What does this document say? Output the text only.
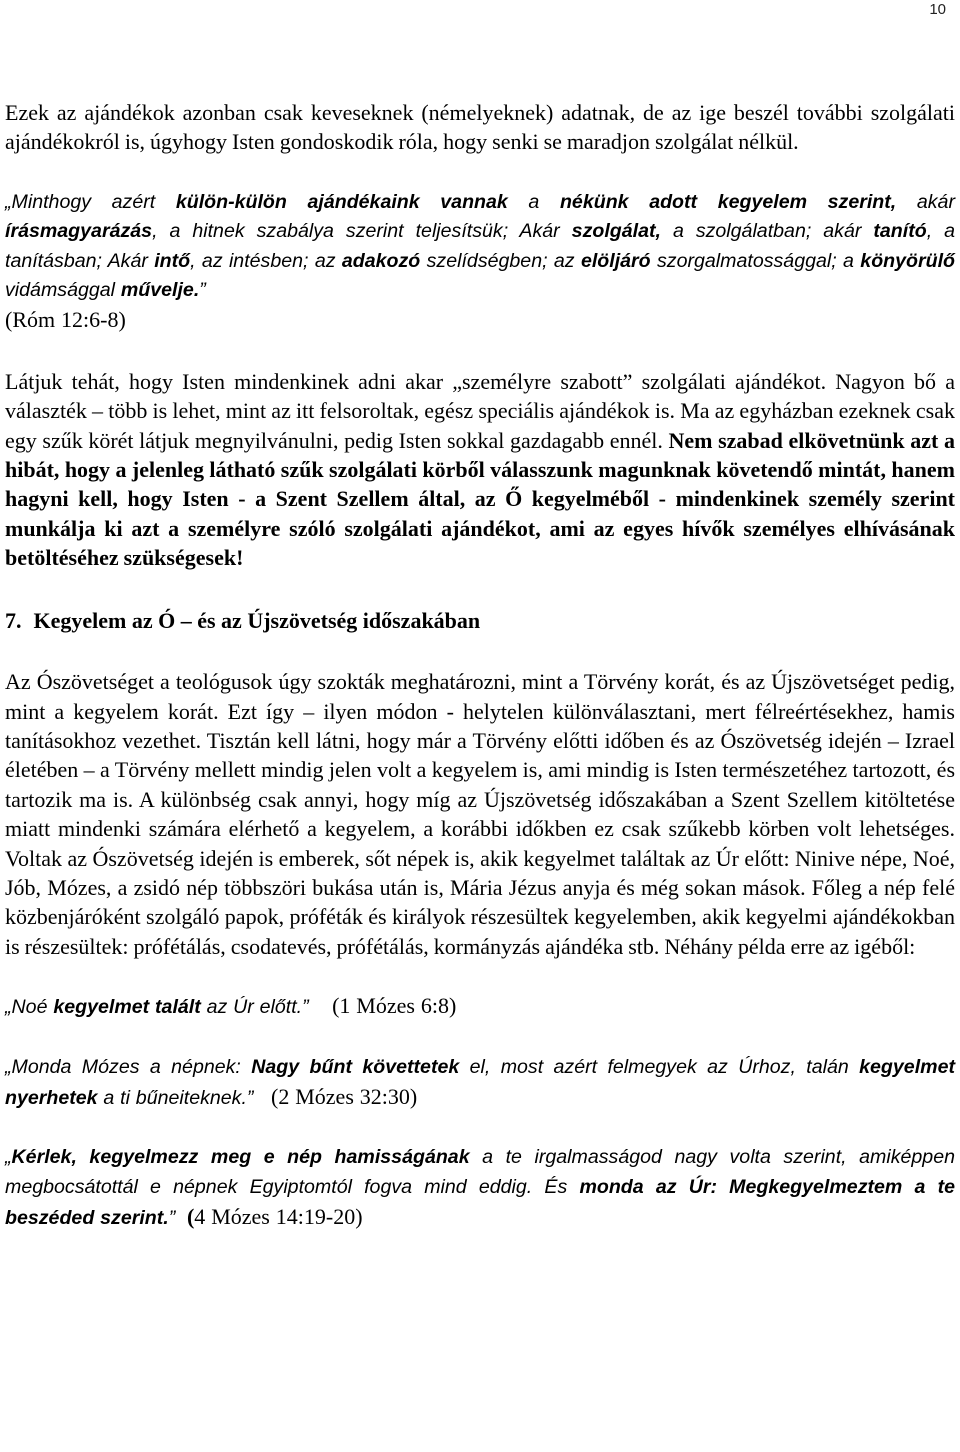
10

Ezek az ajándékok azonban csak keveseknek (némelyeknek) adatnak, de az ige beszél további szolgálati ajándékokról is, úgyhogy Isten gondoskodik róla, hogy senki se maradjon szolgálat nélkül.

„Minthogy azért külön-külön ajándékaink vannak a nékünk adott kegyelem szerint, akár írásmagyarázás, a hitnek szabálya szerint teljesítsük; Akár szolgálat, a szolgálatban; akár tanító, a tanításban; Akár intő, az intésben; az adakozó szelídségben; az elöljáró szorgalmatossággal; a könyörülő vidámsággal művelje.”
(Róm 12:6-8)

Látjuk tehát, hogy Isten mindenkinek adni akar „személyre szabott” szolgálati ajándékot. Nagyon bő a választék – több is lehet, mint az itt felsoroltak, egész speciális ajándékok is. Ma az egyházban ezeknek csak egy szűk körét látjuk megnyilvánulni, pedig Isten sokkal gazdagabb ennél. Nem szabad elkövetnünk azt a hibát, hogy a jelenleg látható szűk szolgálati körből válasszunk magunknak követendő mintát, hanem hagyni kell, hogy Isten - a Szent Szellem által, az Ő kegyelméből - mindenkinek személy szerint munkálja ki azt a személyre szóló szolgálati ajándékot, ami az egyes hívők személyes elhívásának betöltéséhez szükségesek!

7. Kegyelem az Ó – és az Újszövetség időszakában

Az Ószövetséget a teológusok úgy szokták meghatározni, mint a Törvény korát, és az Újszövetséget pedig, mint a kegyelem korát. Ezt így – ilyen módon - helytelen különválasztani, mert félreértésekhez, hamis tanításokhoz vezethet. Tisztán kell látni, hogy már a Törvény előtti időben és az Ószövetség idején – Izrael életében – a Törvény mellett mindig jelen volt a kegyelem is, ami mindig is Isten természetéhez tartozott, és tartozik ma is. A különbség csak annyi, hogy míg az Újszövetség időszakában a Szent Szellem kitöltetése miatt mindenki számára elérhető a kegyelem, a korábbi időkben ez csak szűkebb körben volt lehetséges. Voltak az Ószövetség idején is emberek, sőt népek is, akik kegyelmet találtak az Úr előtt: Ninive népe, Noé, Jób, Mózes, a zsidó nép többszöri bukása után is, Mária Jézus anyja és még sokan mások. Főleg a nép felé közbenjáróként szolgáló papok, próféták és királyok részesültek kegyelemben, akik kegyelmi ajándékokban is részesültek: prófétálás, csodatevés, prófétálás, kormányzás ajándéka stb. Néhány példa erre az igéből:

„Noé kegyelmet talált az Úr előtt.” (1 Mózes 6:8)

„Monda Mózes a népnek: Nagy bűnt követtetek el, most azért felmegyek az Úrhoz, talán kegyelmet nyerhetek a ti bűneiteknek.” (2 Mózes 32:30)

„Kérlek, kegyelmezz meg e nép hamisságának a te irgalmasságod nagy volta szerint, amiképpen megbocsátottál e népnek Egyiptomtól fogva mind eddig. És monda az Úr: Megkegyelmeztem a te beszéded szerint.” (4 Mózes 14:19-20)
